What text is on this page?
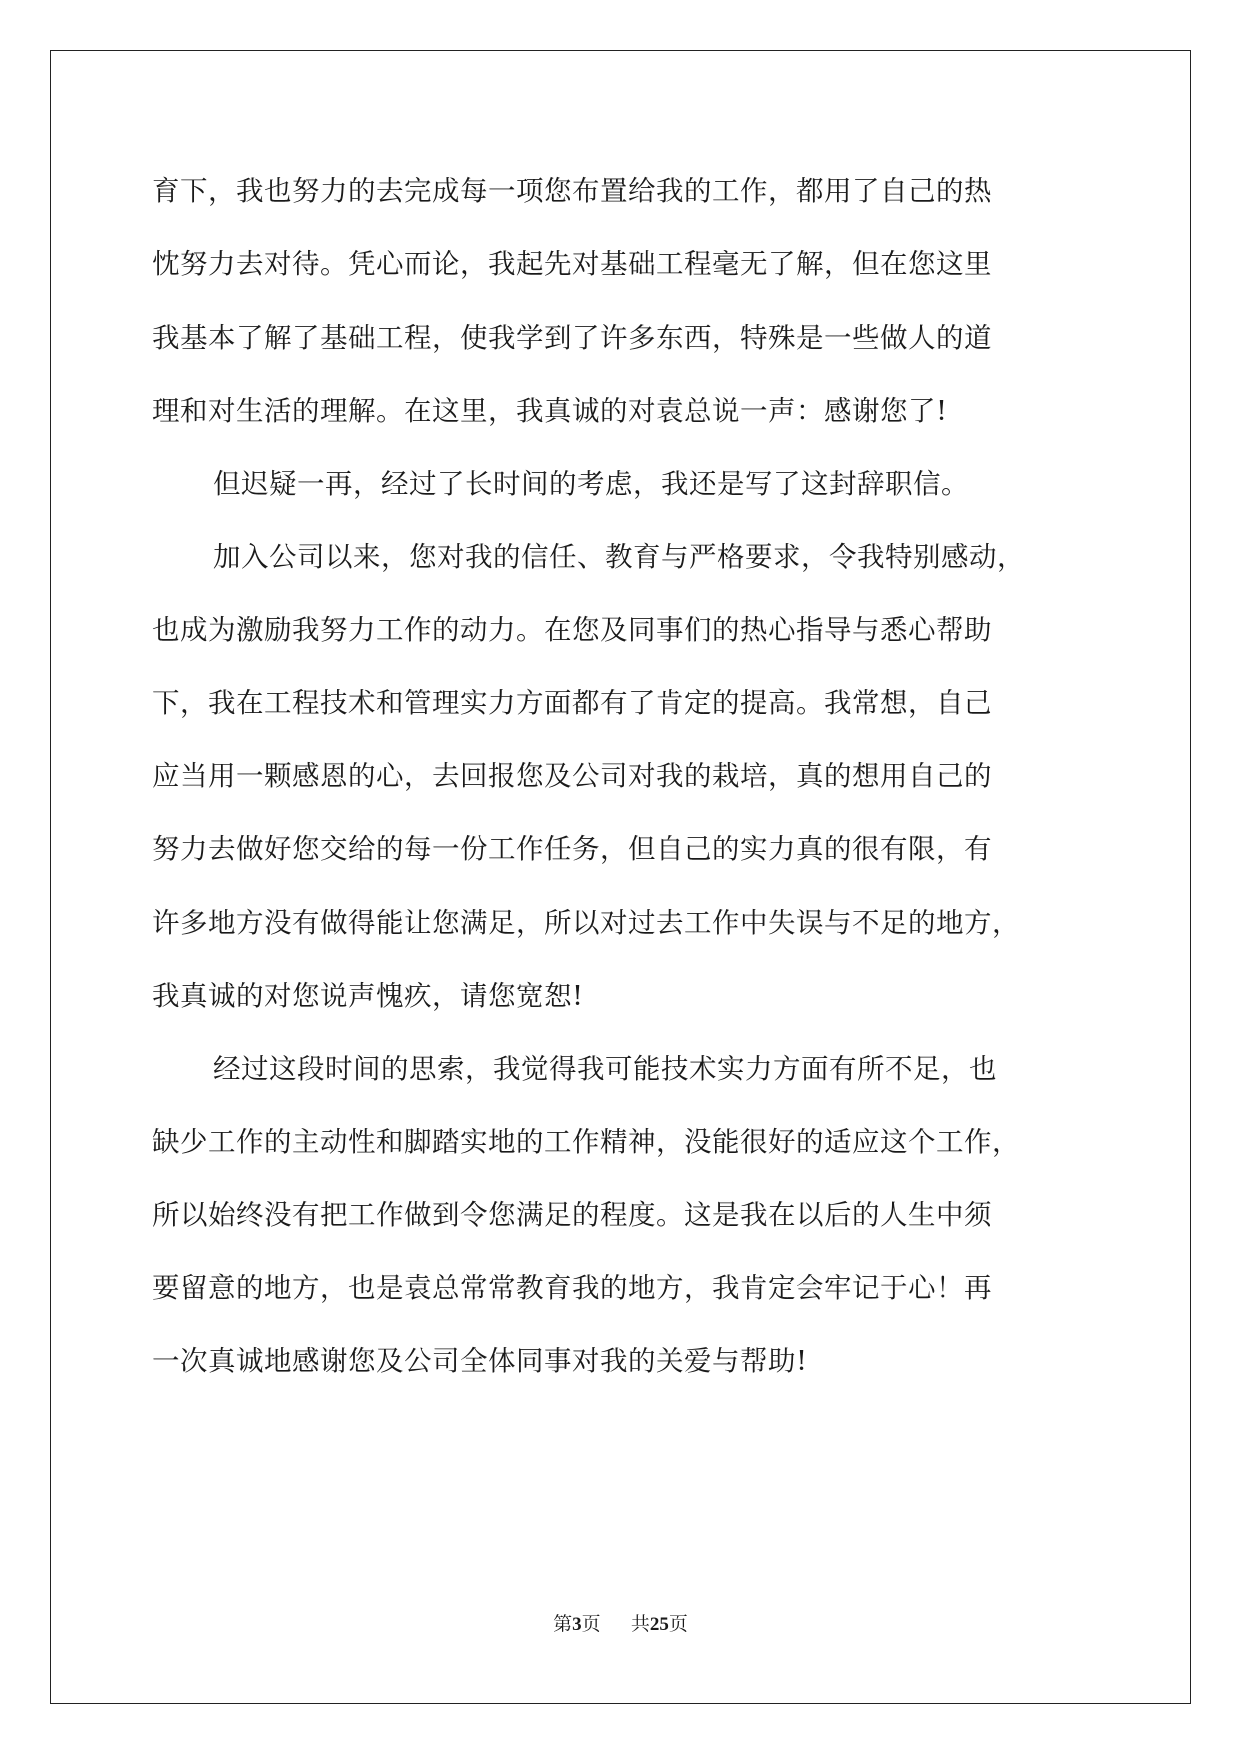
育下，我也努力的去完成每一项您布置给我的工作，都用了自己的热
忱努力去对待。凭心而论，我起先对基础工程毫无了解，但在您这里
我基本了解了基础工程，使我学到了许多东西，特殊是一些做人的道
理和对生活的理解。在这里，我真诚的对袁总说一声：感谢您了!
但迟疑一再，经过了长时间的考虑，我还是写了这封辞职信。
加入公司以来，您对我的信任、教育与严格要求，令我特别感动，
也成为激励我努力工作的动力。在您及同事们的热心指导与悉心帮助
下，我在工程技术和管理实力方面都有了肯定的提高。我常想，自己
应当用一颗感恩的心，去回报您及公司对我的栽培，真的想用自己的
努力去做好您交给的每一份工作任务，但自己的实力真的很有限，有
许多地方没有做得能让您满足，所以对过去工作中失误与不足的地方，
我真诚的对您说声愧疚，请您宽恕!
经过这段时间的思索，我觉得我可能技术实力方面有所不足，也
缺少工作的主动性和脚踏实地的工作精神，没能很好的适应这个工作，
所以始终没有把工作做到令您满足的程度。这是我在以后的人生中须
要留意的地方，也是袁总常常教育我的地方，我肯定会牢记于心！再
一次真诚地感谢您及公司全体同事对我的关爱与帮助!
第3页 共25页
